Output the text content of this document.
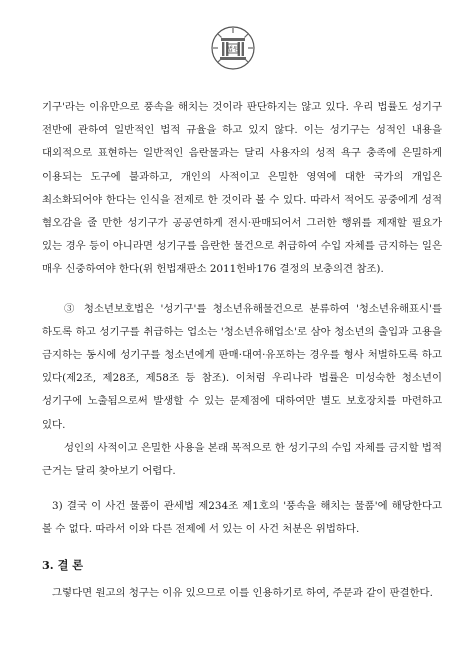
법원

기구'라는 이유만으로 풍속을 해치는 것이라 판단하지는 않고 있다. 우리 법률도 성기구 전반에 관하여 일반적인 법적 규율을 하고 있지 않다. 이는 성기구는 성적인 내용을 대외적으로 표현하는 일반적인 음란물과는 달리 사용자의 성적 욕구 충족에 은밀하게 이용되는 도구에 불과하고, 개인의 사적이고 은밀한 영역에 대한 국가의 개입은 최소화되어야 한다는 인식을 전제로 한 것이라 볼 수 있다. 따라서 적어도 공중에게 성적 혐오감을 줄 만한 성기구가 공공연하게 전시·판매되어서 그러한 행위를 제재할 필요가 있는 경우 등이 아니라면 성기구를 음란한 물건으로 취급하여 수입 자체를 금지하는 일은 매우 신중하여야 한다(위 헌법재판소 2011헌바176 결정의 보충의견 참조).

③ 청소년보호법은 '성기구'를 청소년유해물건으로 분류하여 '청소년유해표시'를 하도록 하고 성기구를 취급하는 업소는 '청소년유해업소'로 삼아 청소년의 출입과 고용을 금지하는 동시에 성기구를 청소년에게 판매·대여·유포하는 경우를 형사 처벌하도록 하고 있다(제2조, 제28조, 제58조 등 참조). 이처럼 우리나라 법률은 미성숙한 청소년이 성기구에 노출됨으로써 발생할 수 있는 문제점에 대하여만 별도 보호장치를 마련하고 있다.

성인의 사적이고 은밀한 사용을 본래 목적으로 한 성기구의 수입 자체를 금지할 법적 근거는 달리 찾아보기 어렵다.

3) 결국 이 사건 물품이 관세법 제234조 제1호의 '풍속을 해치는 물품'에 해당한다고 볼 수 없다. 따라서 이와 다른 전제에 서 있는 이 사건 처분은 위법하다.

3. 결 론

그렇다면 원고의 청구는 이유 있으므로 이를 인용하기로 하여, 주문과 같이 판결한다.
